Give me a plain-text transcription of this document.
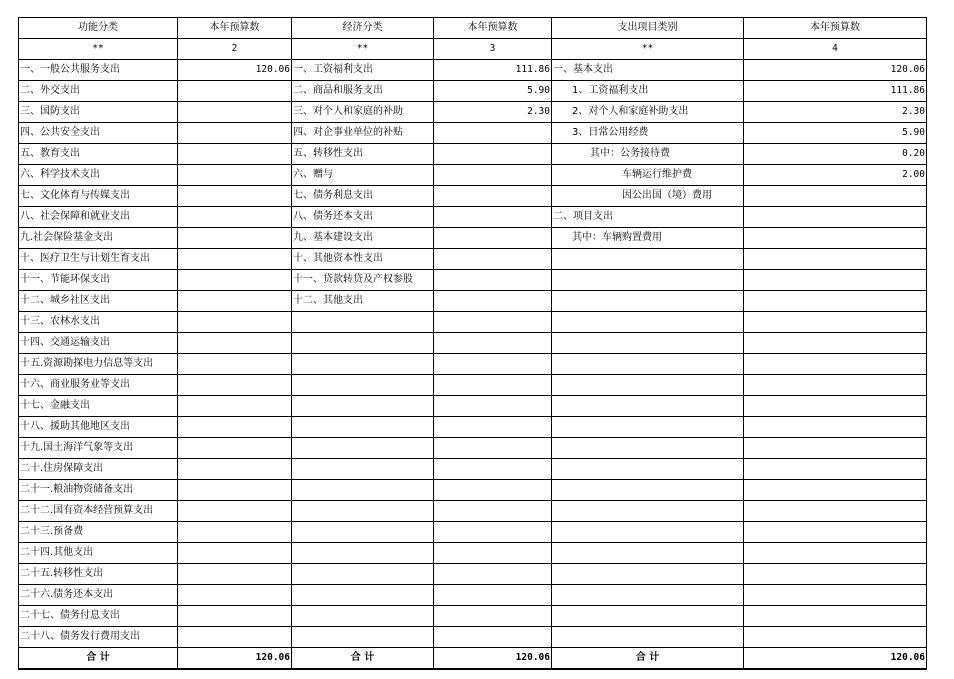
功能分类	本年预算数	经济分类	本年预算数	支出项目类别	本年预算数
**	2	**	3	**	4
一、一般公共服务支出	120.06	一、工资福利支出	111.86	一、基本支出	120.06
二、外交支出		二、商品和服务支出	5.90	1、工资福利支出	111.86
三、国防支出		三、对个人和家庭的补助	2.30	2、对个人和家庭补助支出	2.30
四、公共安全支出		四、对企事业单位的补贴		3、日常公用经费	5.90
五、教育支出		五、转移性支出		其中：公务接待费	0.20
六、科学技术支出		六、赠与		车辆运行维护费	2.00
七、文化体育与传媒支出		七、债务利息支出		因公出国（境）费用	
八、社会保障和就业支出		八、债务还本支出		二、项目支出	
九.社会保险基金支出		九、基本建设支出		其中：车辆购置费用	
十、医疗卫生与计划生育支出		十、其他资本性支出			
十一、节能环保支出		十一、贷款转贷及产权参股			
十二、城乡社区支出		十二、其他支出			
十三、农林水支出					
十四、交通运输支出					
十五.资源勘探电力信息等支出					
十六、商业服务业等支出					
十七、金融支出					
十八、援助其他地区支出					
十九.国土海洋气象等支出					
二十.住房保障支出					
二十一.粮油物资储备支出					
二十二.国有资本经营预算支出					
二十三.预备费					
二十四.其他支出					
二十五.转移性支出					
二十六.债务还本支出					
二十七、债务付息支出					
二十八、债务发行费用支出					
合 计	120.06	合 计	120.06	合 计	120.06
